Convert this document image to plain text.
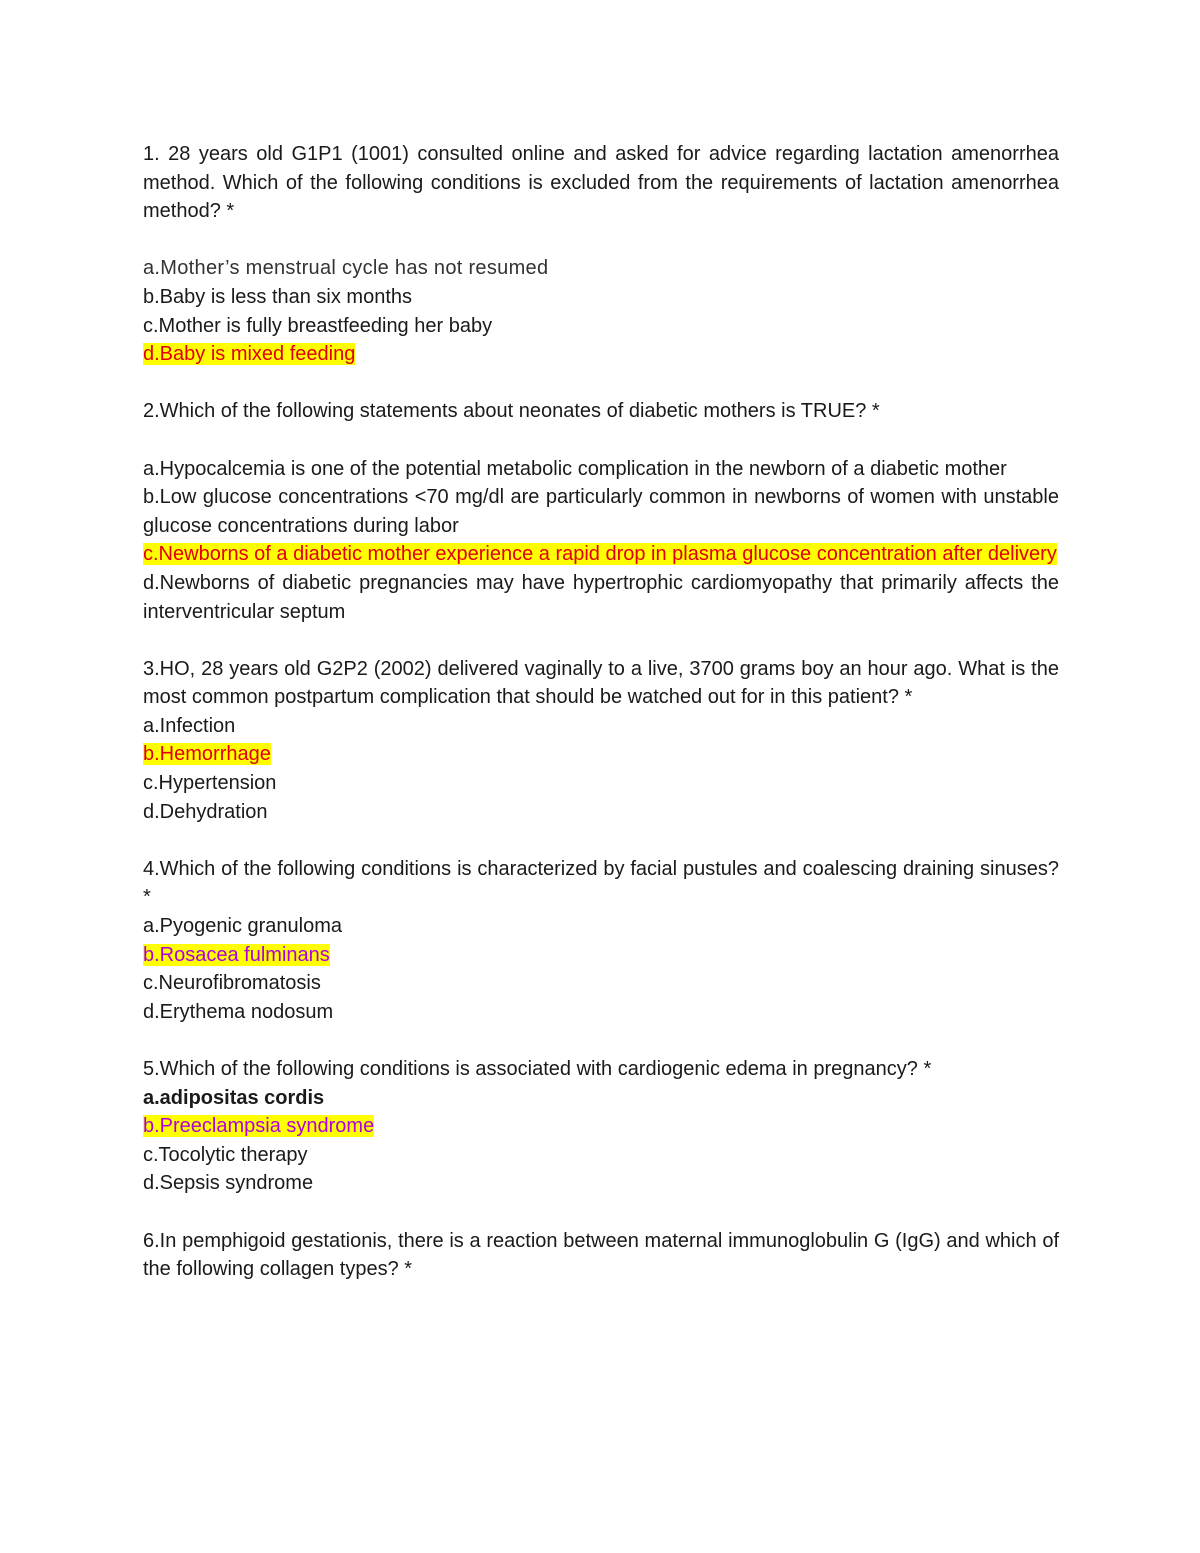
1. 28 years old G1P1 (1001) consulted online and asked for advice regarding lactation amenorrhea method. Which of the following conditions is excluded from the requirements of lactation amenorrhea method? *

a.Mother’s menstrual cycle has not resumed

b.Baby is less than six months

c.Mother is fully breastfeeding her baby

d.Baby is mixed feeding

2.Which of the following statements about neonates of diabetic mothers is TRUE? *

a.Hypocalcemia is one of the potential metabolic complication in the newborn of a diabetic mother

b.Low glucose concentrations <70 mg/dl are particularly common in newborns of women with unstable glucose concentrations during labor

c.Newborns of a diabetic mother experience a rapid drop in plasma glucose concentration after delivery

d.Newborns of diabetic pregnancies may have hypertrophic cardiomyopathy that primarily affects the interventricular septum

3.HO, 28 years old G2P2 (2002) delivered vaginally to a live, 3700 grams boy an hour ago. What is the most common postpartum complication that should be watched out for in this patient? *

a.Infection

b.Hemorrhage

c.Hypertension

d.Dehydration

4.Which of the following conditions is characterized by facial pustules and coalescing draining sinuses? *

a.Pyogenic granuloma

b.Rosacea fulminans

c.Neurofibromatosis

d.Erythema nodosum

5.Which of the following conditions is associated with cardiogenic edema in pregnancy? *

a.adipositas cordis

b.Preeclampsia syndrome

c.Tocolytic therapy

d.Sepsis syndrome

6.In pemphigoid gestationis, there is a reaction between maternal immunoglobulin G (IgG) and which of the following collagen types? *
